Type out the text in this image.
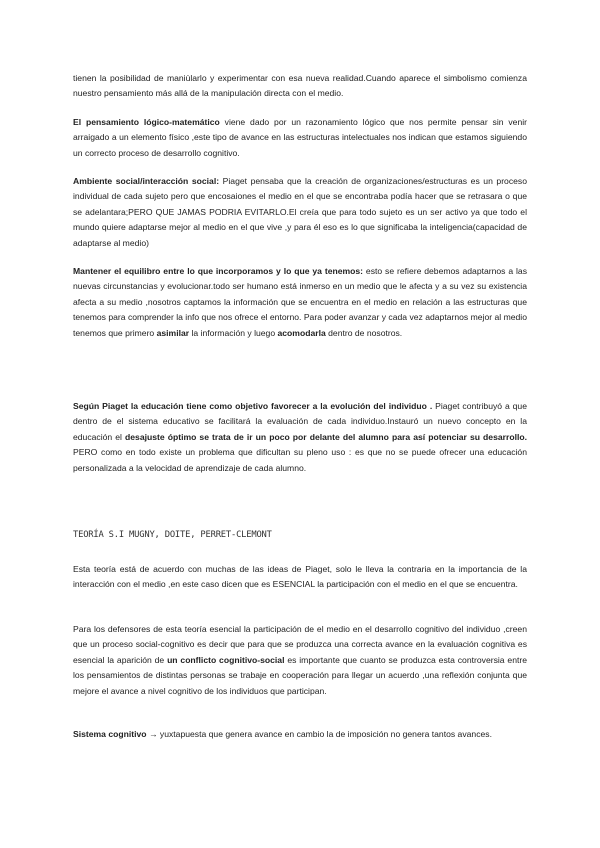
tienen la posibilidad de maniùlarlo y experimentar con esa nueva realidad.Cuando aparece el simbolismo comienza nuestro pensamiento más allá de la manipulación directa con el medio.

El pensamiento lógico-matemático viene dado por un razonamiento lógico que nos permite pensar sin venir arraigado a un elemento físico ,este tipo de avance en las estructuras intelectuales nos indican que estamos siguiendo un correcto proceso de desarrollo cognitivo.

Ambiente social/interacción social: Piaget pensaba que la creación de organizaciones/estructuras es un proceso individual de cada sujeto pero que encosaiones el medio en el que se encontraba podía hacer que se retrasara o que se adelantara;PERO QUE JAMAS PODRIA EVITARLO.El creía que para todo sujeto es un ser activo ya que todo el mundo quiere adaptarse mejor al medio en el que vive ,y para él eso es lo que significaba la inteligencia(capacidad de adaptarse al medio)

Mantener el equilibro entre lo que incorporamos y lo que ya tenemos: esto se refiere debemos adaptarnos a las nuevas circunstancias y evolucionar.todo ser humano está inmerso en un medio que le afecta y a su vez su existencia afecta a su medio ,nosotros captamos la información que se encuentra en el medio en relación a las estructuras que tenemos para comprender la info que nos ofrece el entorno. Para poder avanzar y cada vez adaptarnos mejor al medio tenemos que primero asimilar la información y luego acomodarla dentro de nosotros.

Según Piaget la educación tiene como objetivo favorecer a la evolución del individuo . Piaget contribuyó a que dentro de el sistema educativo se facilitará la evaluación de cada individuo.Instauró un nuevo concepto en la educación el desajuste óptimo se trata de ir un poco por delante del alumno para así potenciar su desarrollo. PERO como en todo existe un problema que dificultan su pleno uso : es que no se puede ofrecer una educación personalizada a la velocidad de aprendizaje de cada alumno.

TEORÍA S.I MUGNY, DOITE, PERRET-CLEMONT

Esta teoría está de acuerdo con muchas de las ideas de Piaget, solo le lleva la contraria en la importancia de la interacción con el medio ,en este caso dicen que es ESENCIAL la participación con el medio en el que se encuentra.

Para los defensores de esta teoría esencial la participación de el medio en el desarrollo cognitivo del individuo ,creen que un proceso social-cognitivo es decir que para que se produzca una correcta avance en la evaluación cognitiva es esencial la aparición de un conflicto cognitivo-social es importante que cuanto se produzca esta controversia entre los pensamientos de distintas personas se trabaje en cooperación para llegar un acuerdo ,una reflexión conjunta que mejore el avance a nivel cognitivo de los individuos que participan.

Sistema cognitivo → yuxtapuesta que genera avance en cambio la de imposición no genera tantos avances.
